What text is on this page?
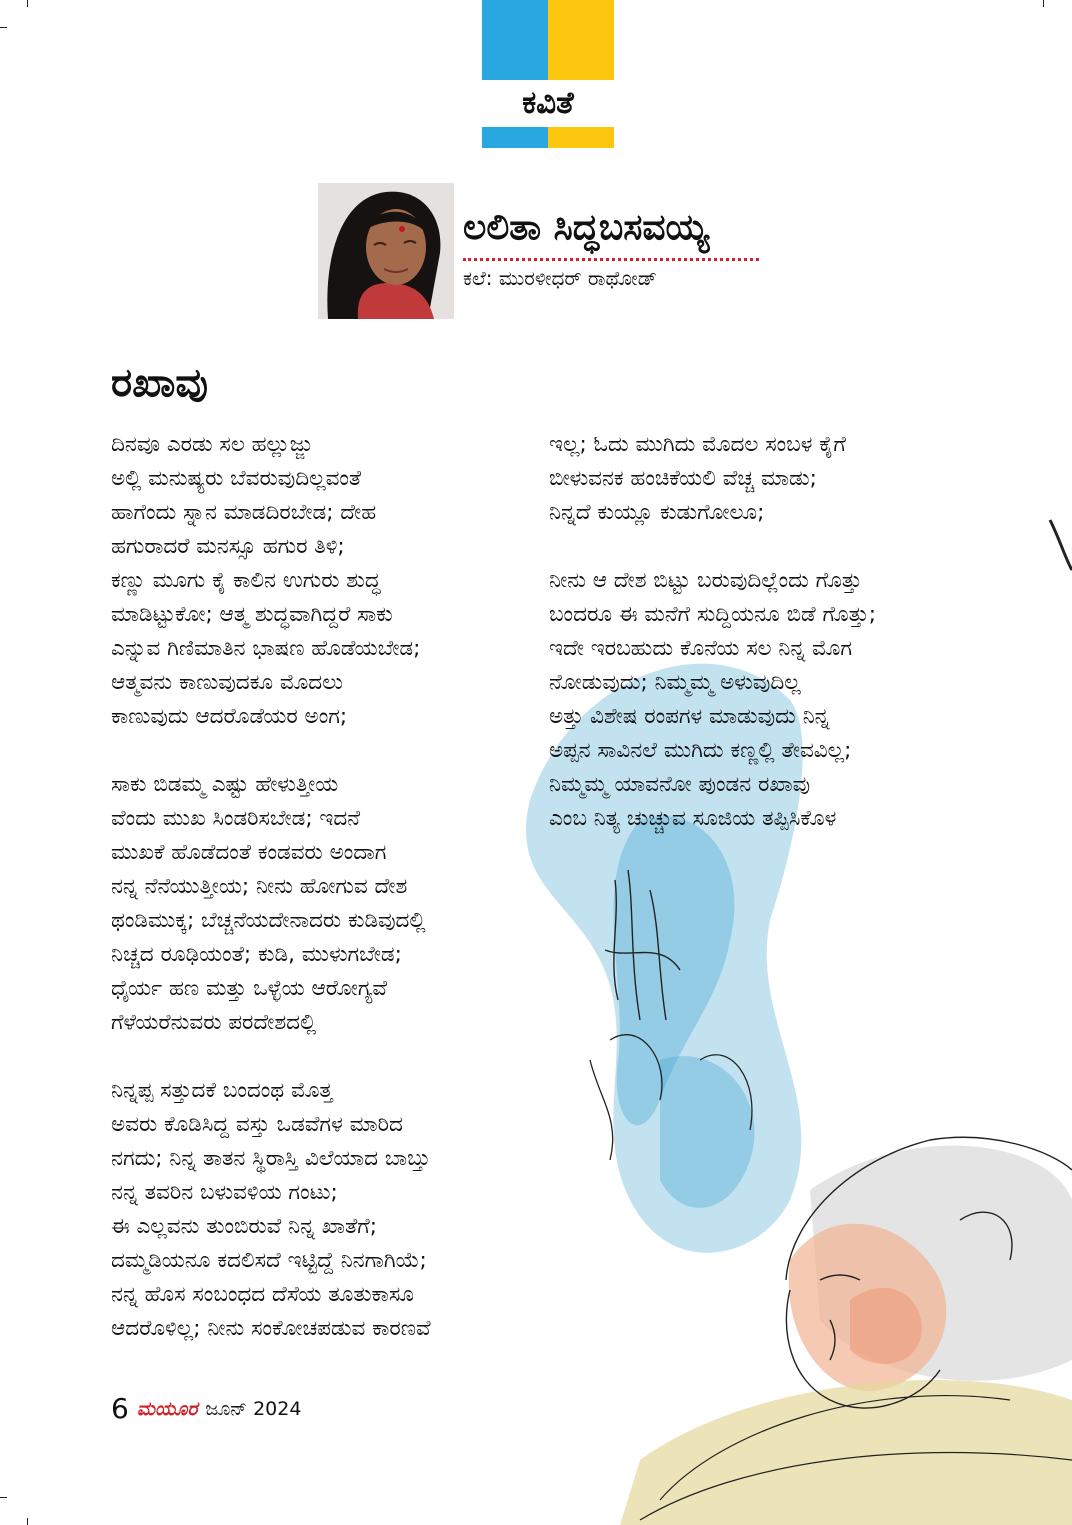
ಕವಿತೆ
ಲಲಿತಾ ಸಿದ್ಧಬಸವಯ್ಯ
ಕಲೆ: ಮುರಳೀಧರ್ ರಾಥೋಡ್
ರಖಾವು

ದಿನವೂ ಎರಡು ಸಲ ಹಲ್ಲುಜ್ಜು
ಅಲ್ಲಿ ಮನುಷ್ಯರು ಬೆವರುವುದಿಲ್ಲವಂತೆ
ಹಾಗೆಂದು ಸ್ನಾನ ಮಾಡದಿರಬೇಡ; ದೇಹ
ಹಗುರಾದರೆ ಮನಸ್ಸೂ ಹಗುರ ತಿಳಿ;
ಕಣ್ಣು ಮೂಗು ಕೈ ಕಾಲಿನ ಉಗುರು ಶುದ್ಧ
ಮಾಡಿಟ್ಟುಕೋ; ಆತ್ಮ ಶುದ್ಧವಾಗಿದ್ದರೆ ಸಾಕು
ಎನ್ನುವ ಗಿಣಿಮಾತಿನ ಭಾಷಣ ಹೊಡೆಯಬೇಡ;
ಆತ್ಮವನು ಕಾಣುವುದಕೂ ಮೊದಲು
ಕಾಣುವುದು ಆದರೊಡೆಯರ ಅಂಗ;

ಸಾಕು ಬಿಡಮ್ಮ ಎಷ್ಟು ಹೇಳುತ್ತೀಯ
ವೆಂದು ಮುಖ ಸಿಂಡರಿಸಬೇಡ; ಇದನೆ
ಮುಖಕೆ ಹೊಡೆದಂತೆ ಕಂಡವರು ಅಂದಾಗ
ನನ್ನ ನೆನೆಯುತ್ತೀಯ; ನೀನು ಹೋಗುವ ದೇಶ
ಥಂಡಿಮುಕ್ಕ; ಬೆಚ್ಚನೆಯದೇನಾದರು ಕುಡಿವುದಲ್ಲಿ
ನಿಚ್ಚದ ರೂಢಿಯಂತೆ; ಕುಡಿ, ಮುಳುಗಬೇಡ;
ಧೈರ್ಯ ಹಣ ಮತ್ತು ಒಳ್ಳೆಯ ಆರೋಗ್ಯವೆ
ಗೆಳೆಯರೆನುವರು ಪರದೇಶದಲ್ಲಿ

ನಿನ್ನಪ್ಪ ಸತ್ತುದಕೆ ಬಂದಂಥ ಮೊತ್ತ
ಅವರು ಕೊಡಿಸಿದ್ದ ವಸ್ತು ಒಡವೆಗಳ ಮಾರಿದ
ನಗದು; ನಿನ್ನ ತಾತನ ಸ್ಥಿರಾಸ್ತಿ ವಿಲೆಯಾದ ಬಾಬ್ತು
ನನ್ನ ತವರಿನ ಬಳುವಳಿಯ ಗಂಟು;
ಈ ಎಲ್ಲವನು ತುಂಬಿರುವೆ ನಿನ್ನ ಖಾತೆಗೆ;
ದಮ್ಮಡಿಯನೂ ಕದಲಿಸದೆ ಇಟ್ಟಿದ್ದೆ ನಿನಗಾಗಿಯೆ;
ನನ್ನ ಹೊಸ ಸಂಬಂಧದ ದೆಸೆಯ ತೂತುಕಾಸೂ
ಆದರೊಳಿಲ್ಲ; ನೀನು ಸಂಕೋಚಪಡುವ ಕಾರಣವೆ

ಇಲ್ಲ; ಓದು ಮುಗಿದು ಮೊದಲ ಸಂಬಳ ಕೈಗೆ
ಬೀಳುವನಕ ಹಂಚಿಕೆಯಲಿ ವೆಚ್ಚ ಮಾಡು;
ನಿನ್ನದೆ ಕುಯ್ಲೂ ಕುಡುಗೋಲೂ;

ನೀನು ಆ ದೇಶ ಬಿಟ್ಟು ಬರುವುದಿಲ್ಲೆಂದು ಗೊತ್ತು
ಬಂದರೂ ಈ ಮನೆಗೆ ಸುದ್ದಿಯನೂ ಬಿಡೆ ಗೊತ್ತು;
ಇದೇ ಇರಬಹುದು ಕೊನೆಯ ಸಲ ನಿನ್ನ ಮೊಗ
ನೋಡುವುದು; ನಿಮ್ಮಮ್ಮ ಅಳುವುದಿಲ್ಲ
ಅತ್ತು ವಿಶೇಷ ರಂಪಗಳ ಮಾಡುವುದು ನಿನ್ನ
ಅಪ್ಪನ ಸಾವಿನಲೆ ಮುಗಿದು ಕಣ್ಣಲ್ಲಿ ತೇವವಿಲ್ಲ;
ನಿಮ್ಮಮ್ಮ ಯಾವನೋ ಪುಂಡನ ರಖಾವು
ಎಂಬ ನಿತ್ಯ ಚುಚ್ಚುವ ಸೂಜಿಯ ತಪ್ಪಿಸಿಕೊಳ

6 ಮಯೂರ ಜೂನ್ 2024
